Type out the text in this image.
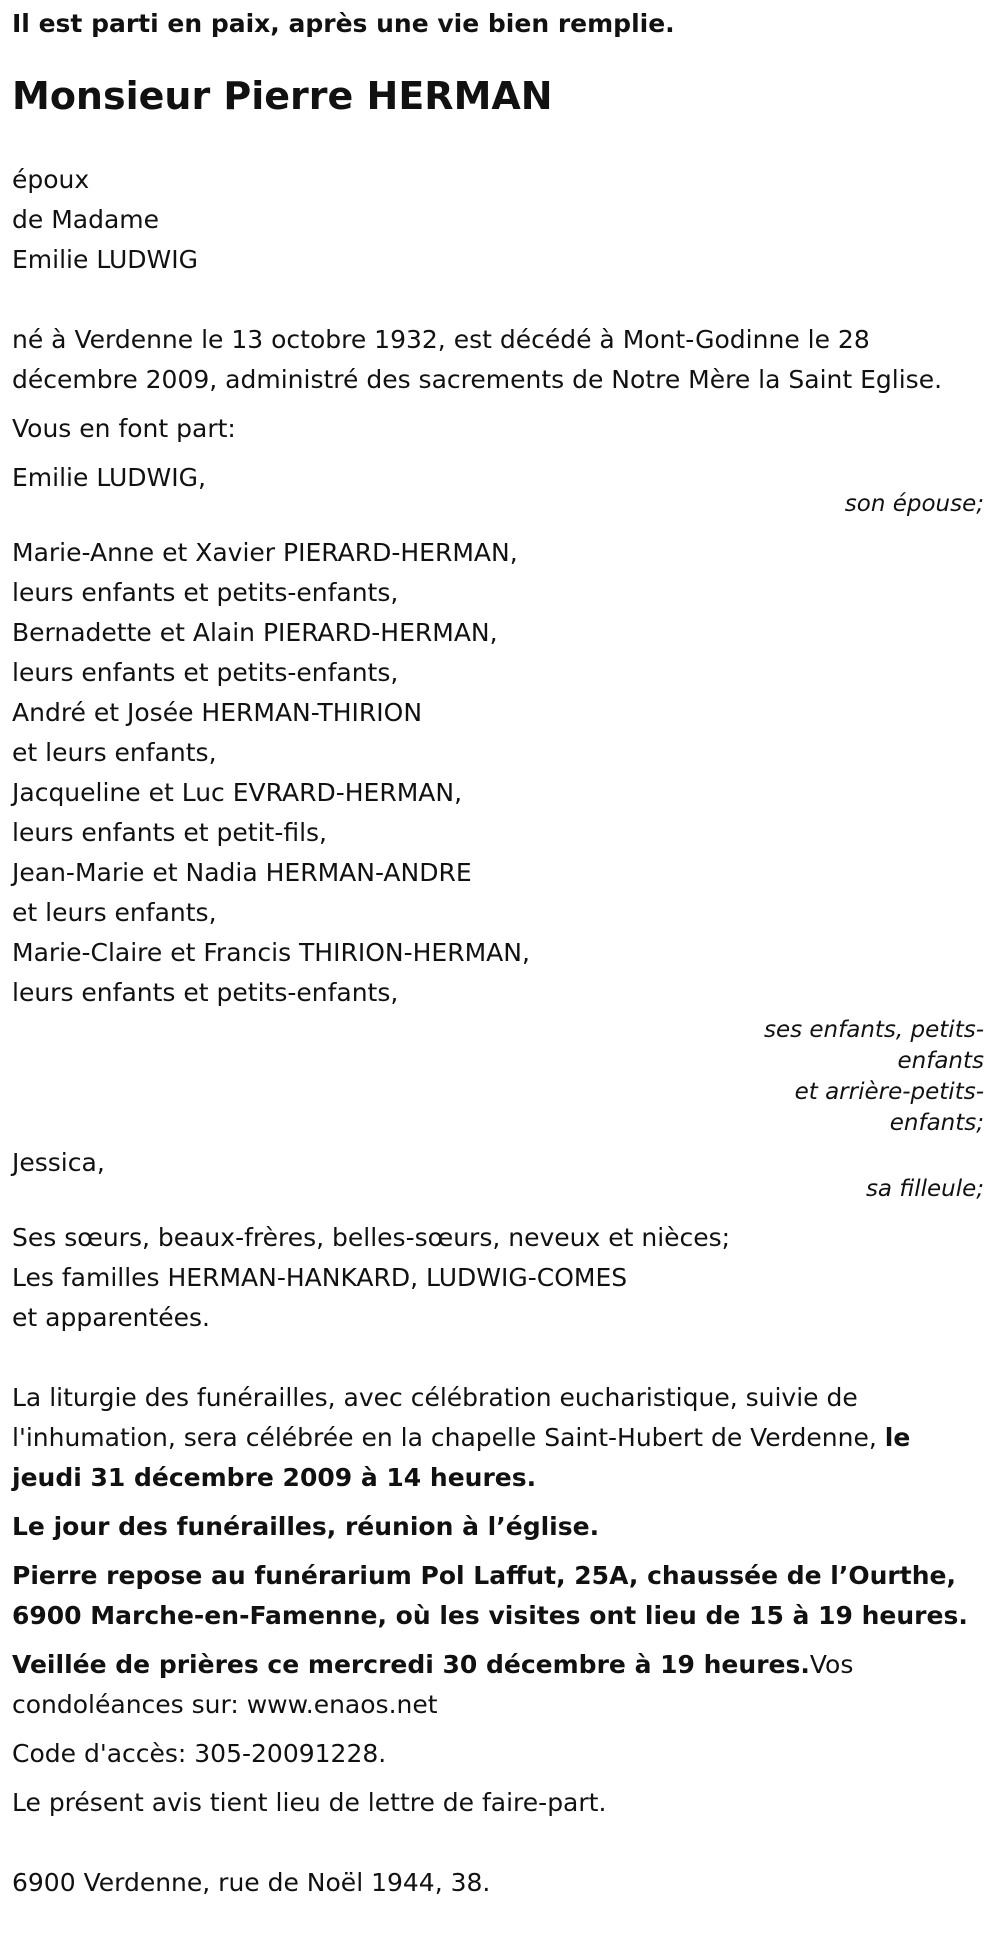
Il est parti en paix, après une vie bien remplie.

Monsieur Pierre HERMAN

époux
de Madame
Emilie LUDWIG

né à Verdenne le 13 octobre 1932, est décédé à Mont-Godinne le 28 décembre 2009, administré des sacrements de Notre Mère la Saint Eglise.

Vous en font part:

Emilie LUDWIG,
son épouse;
Marie-Anne et Xavier PIERARD-HERMAN,
leurs enfants et petits-enfants,
Bernadette et Alain PIERARD-HERMAN,
leurs enfants et petits-enfants,
André et Josée HERMAN-THIRION
et leurs enfants,
Jacqueline et Luc EVRARD-HERMAN,
leurs enfants et petit-fils,
Jean-Marie et Nadia HERMAN-ANDRE
et leurs enfants,
Marie-Claire et Francis THIRION-HERMAN,
leurs enfants et petits-enfants,
ses enfants, petits-
enfants
et arrière-petits-
enfants;
Jessica,
sa filleule;
Ses sœurs, beaux-frères, belles-sœurs, neveux et nièces;
Les familles HERMAN-HANKARD, LUDWIG-COMES
et apparentées.

La liturgie des funérailles, avec célébration eucharistique, suivie de l'inhumation, sera célébrée en la chapelle Saint-Hubert de Verdenne, le jeudi 31 décembre 2009 à 14 heures.

Le jour des funérailles, réunion à l’église.

Pierre repose au funérarium Pol Laffut, 25A, chaussée de l’Ourthe, 6900 Marche-en-Famenne, où les visites ont lieu de 15 à 19 heures.

Veillée de prières ce mercredi 30 décembre à 19 heures.Vos condoléances sur: www.enaos.net

Code d'accès: 305-20091228.

Le présent avis tient lieu de lettre de faire-part.

6900 Verdenne, rue de Noël 1944, 38.
